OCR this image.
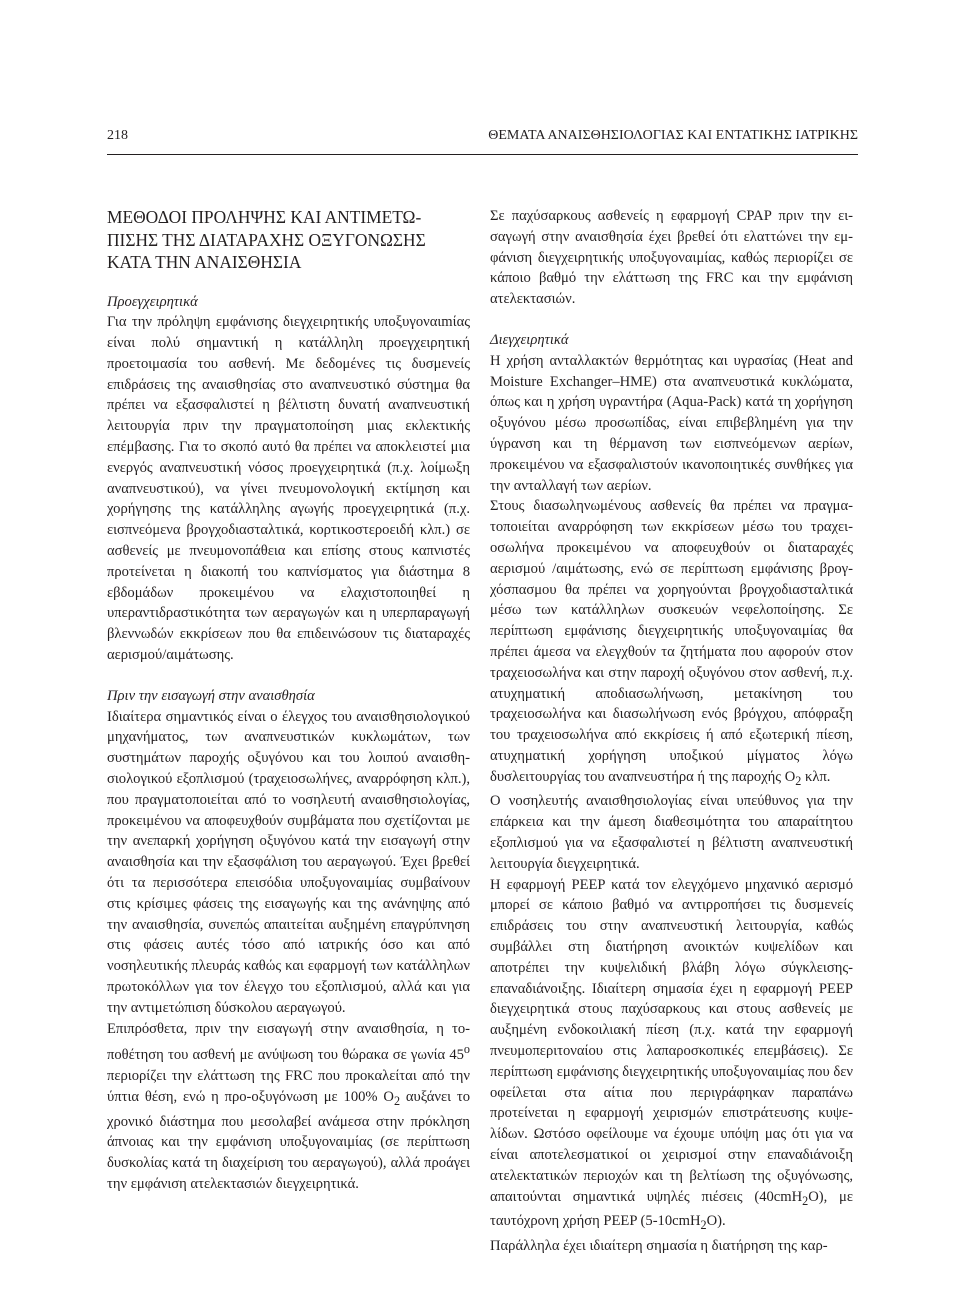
218	ΘΕΜΑΤΑ ΑΝΑΙΣΘΗΣΙΟΛΟΓΙΑΣ ΚΑΙ ΕΝΤΑΤΙΚΗΣ ΙΑΤΡΙΚΗΣ
ΜΕΘΟΔΟΙ ΠΡΟΛΗΨΗΣ ΚΑΙ ΑΝΤΙΜΕΤΩ-
ΠΙΣΗΣ ΤΗΣ ΔΙΑΤΑΡΑΧΗΣ ΟΞΥΓΟΝΩΣΗΣ
ΚΑΤΑ ΤΗΝ ΑΝΑΙΣΘΗΣΙΑ

Προεγχειρητικά

Για την πρόληψη εμφάνισης διεγχειρητικής υποξυγοναιmίας είναι πολύ σημαντική η κατάλληλη προεγχειρητική προετοιμασία του ασθενή. Με δεδομένες τις δυσμενείς επιδράσεις της αναισθησίας στο αναπνευστικό σύστημα θα πρέπει να εξασφαλιστεί η βέλτιστη δυνατή αναπνευστική λειτουργία πριν την πραγματοποίηση μιας εκλεκτικής επέμβασης. Για το σκοπό αυτό θα πρέπει να αποκλειστεί μια ενεργός αναπνευστική νόσος προεγχειρητικά (π.χ. λοίμωξη αναπνευστικού), να γίνει πνευμονολογική εκτίμηση και χορήγησης της κατάλληλης αγωγής προεγχειρητικά (π.χ. εισπνεόμενα βρογχοδιασταλτικά, κορτικοστεροειδή κλπ.) σε ασθενείς με πνευμονοπάθεια και επίσης στους καπνιστές προτείνεται η διακοπή του καπνίσματος για διάστημα 8 εβδομάδων προκειμένου να ελαχιστοποιηθεί η υπεραντιδραστικότητα των αεραγωγών και η υπερπαραγωγή βλεννωδών εκκρίσεων που θα επιδεινώσουν τις διαταραχές αερισμού/αιμάτωσης.

Πριν την εισαγωγή στην αναισθησία

Ιδιαίτερα σημαντικός είναι ο έλεγχος του αναισθησιολογικού μηχανήματος, των αναπνευστικών κυκλωμάτων, των συστημάτων παροχής οξυγόνου και του λοιπού αναισθησιολογικού εξοπλισμού (τραχειοσωλήνες, αναρρόφηση κλπ.), που πραγματοποιείται από το νοσηλευτή αναισθησιολογίας, προκειμένου να αποφευχθούν συμβάματα που σχετίζονται με την ανεπαρκή χορήγηση οξυγόνου κατά την εισαγωγή στην αναισθησία και την εξασφάλιση του αεραγωγού. Έχει βρεθεί ότι τα περισσότερα επεισόδια υποξυγοναιμίας συμβαίνουν στις κρίσιμες φάσεις της εισαγωγής και της ανάνηψης από την αναισθησία, συνεπώς απαιτείται αυξημένη επαγρύπνηση στις φάσεις αυτές τόσο από ιατρικής όσο και από νοσηλευτικής πλευράς καθώς και εφαρμογή των κατάλληλων πρωτοκόλλων για τον έλεγχο του εξοπλισμού, αλλά και για την αντιμετώπιση δύσκολου αεραγωγού.

Επιπρόσθετα, πριν την εισαγωγή στην αναισθησία, η τοποθέτηση του ασθενή με ανύψωση του θώρακα σε γωνία $45^o$ περιορίζει την ελάττωση της FRC που προκαλείται από την ύπτια θέση, ενώ η προ-οξυγόνωση με 100% $O_2$ αυξάνει το χρονικό διάστημα που μεσολαβεί ανάμεσα στην πρόκληση άπνοιας και την εμφάνιση υποξυγοναιμίας (σε περίπτωση δυσκολίας κατά τη διαχείριση του αεραγωγού), αλλά προάγει την εμφάνιση ατελεκτασιών διεγχειρητικά.

Σε παχύσαρκους ασθενείς η εφαρμογή CPAP πριν την εισαγωγή στην αναισθησία έχει βρεθεί ότι ελαττώνει την εμφάνιση διεγχειρητικής υποξυγοναιμίας, καθώς περιορίζει σε κάποιο βαθμό την ελάττωση της FRC και την εμφάνιση ατελεκτασιών.

Διεγχειρητικά

Η χρήση ανταλλακτών θερμότητας και υγρασίας (Heat and Moisture Exchanger–HME) στα αναπνευστικά κυκλώματα, όπως και η χρήση υγραντήρα (Aqua-Pack) κατά τη χορήγηση οξυγόνου μέσω προσωπίδας, είναι επιβεβλημένη για την ύγρανση και τη θέρμανση των εισπνεόμενων αερίων, προκειμένου να εξασφαλιστούν ικανοποιητικές συνθήκες για την ανταλλαγή των αερίων.

Στους διασωληνωμένους ασθενείς θα πρέπει να πραγματοποιείται αναρρόφηση των εκκρίσεων μέσω του τραχειοσωλήνα προκειμένου να αποφευχθούν οι διαταραχές αερισμού /αιμάτωσης, ενώ σε περίπτωση εμφάνισης βρογχόσπασμου θα πρέπει να χορηγούνται βρογχοδιασταλτικά μέσω των κατάλληλων συσκευών νεφελοποίησης. Σε περίπτωση εμφάνισης διεγχειρητικής υποξυγοναιμίας θα πρέπει άμεσα να ελεγχθούν τα ζητήματα που αφορούν στον τραχειοσωλήνα και στην παροχή οξυγόνου στον ασθενή, π.χ. ατυχηματική αποδιασωλήνωση, μετακίνηση του τραχειοσωλήνα και διασωλήνωση ενός βρόγχου, απόφραξη του τραχειοσωλήνα από εκκρίσεις ή από εξωτερική πίεση, ατυχηματική χορήγηση υποξικού μίγματος λόγω δυσλειτουργίας του αναπνευστήρα ή της παροχής $O_2$ κλπ.

Ο νοσηλευτής αναισθησιολογίας είναι υπεύθυνος για την επάρκεια και την άμεση διαθεσιμότητα του απαραίτητου εξοπλισμού για να εξασφαλιστεί η βέλτιστη αναπνευστική λειτουργία διεγχειρητικά.

Η εφαρμογή PEEP κατά τον ελεγχόμενο μηχανικό αερισμό μπορεί σε κάποιο βαθμό να αντιρροπήσει τις δυσμενείς επιδράσεις του στην αναπνευστική λειτουργία, καθώς συμβάλλει στη διατήρηση ανοικτών κυψελίδων και αποτρέπει την κυψελιδική βλάβη λόγω σύγκλεισης-επαναδιάνοιξης. Ιδιαίτερη σημασία έχει η εφαρμογή PEEP διεγχειρητικά στους παχύσαρκους και στους ασθενείς με αυξημένη ενδοκοιλιακή πίεση (π.χ. κατά την εφαρμογή πνευμοπεριτοναίου στις λαπαροσκοπικές επεμβάσεις). Σε περίπτωση εμφάνισης διεγχειρητικής υποξυγοναιμίας που δεν οφείλεται στα αίτια που περιγράφηκαν παραπάνω προτείνεται η εφαρμογή χειρισμών επιστράτευσης κυψελίδων. Ωστόσο οφείλουμε να έχουμε υπόψη μας ότι για να είναι αποτελεσματικοί οι χειρισμοί στην επαναδιάνοιξη ατελεκτατικών περιοχών και τη βελτίωση της οξυγόνωσης, απαιτούνται σημαντικά υψηλές πιέσεις (40cmH$_2$O), με ταυτόχρονη χρήση PEEP (5-10cmH$_2$O).

Παράλληλα έχει ιδιαίτερη σημασία η διατήρηση της καρ-
